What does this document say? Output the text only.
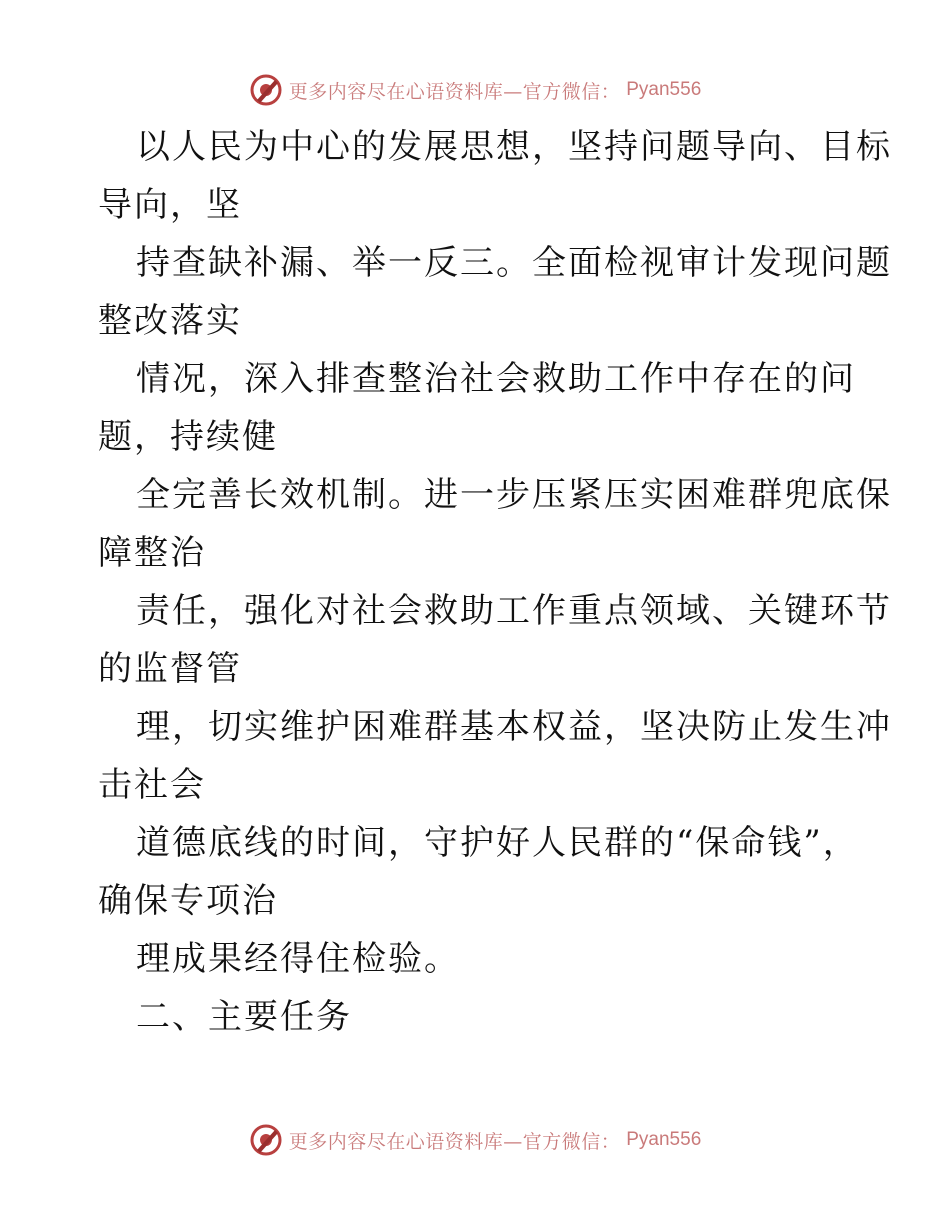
更多内容尽在心语资料库—官方微信： Pyan556
以人民为中心的发展思想，坚持问题导向、目标
导向，坚
持查缺补漏、举一反三。全面检视审计发现问题
整改落实
情况，深入排查整治社会救助工作中存在的问
题，持续健
全完善长效机制。进一步压紧压实困难群兜底保
障整治
责任，强化对社会救助工作重点领域、关键环节
的监督管
理，切实维护困难群基本权益，坚决防止发生冲
击社会
道德底线的时间，守护好人民群的“保命钱”，
确保专项治
理成果经得住检验。
二、主要任务
更多内容尽在心语资料库—官方微信： Pyan556
